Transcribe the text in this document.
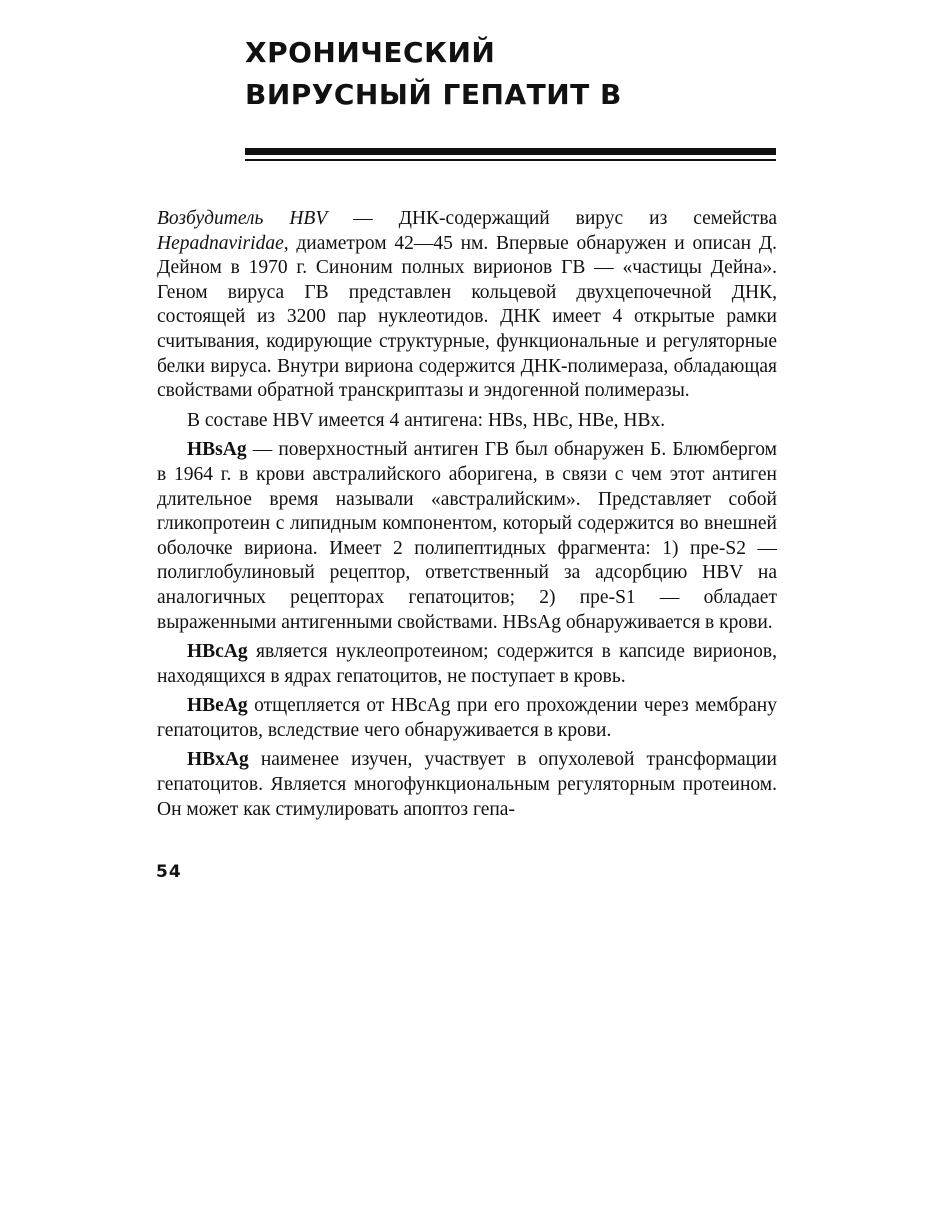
ХРОНИЧЕСКИЙ
ВИРУСНЫЙ ГЕПАТИТ В

Возбудитель HBV — ДНК-содержащий вирус из семейства Hepadnaviridae, диаметром 42—45 нм. Впервые обнаружен и описан Д. Дейном в 1970 г. Синоним полных вирионов ГВ — «частицы Дейна». Геном вируса ГВ представлен кольцевой двухцепочечной ДНК, состоящей из 3200 пар нуклеотидов. ДНК имеет 4 открытые рамки считывания, кодирующие структурные, функциональные и регуляторные белки вируса. Внутри вириона содержится ДНК-полимераза, обладающая свойствами обратной транскриптазы и эндогенной полимеразы.

В составе HBV имеется 4 антигена: HBs, HBc, HBe, HBx.

HBsAg — поверхностный антиген ГВ был обнаружен Б. Блюмбергом в 1964 г. в крови австралийского аборигена, в связи с чем этот антиген длительное время называли «австралийским». Представляет собой гликопротеин с липидным компонентом, который содержится во внешней оболочке вириона. Имеет 2 полипептидных фрагмента: 1) пре-S2 — полиглобулиновый рецептор, ответственный за адсорбцию HBV на аналогичных рецепторах гепатоцитов; 2) пре-S1 — обладает выраженными антигенными свойствами. HBsAg обнаруживается в крови.

HBcAg является нуклеопротеином; содержится в капсиде вирионов, находящихся в ядрах гепатоцитов, не поступает в кровь.

HBeAg отщепляется от HBcAg при его прохождении через мембрану гепатоцитов, вследствие чего обнаруживается в крови.

HBxAg наименее изучен, участвует в опухолевой трансформации гепатоцитов. Является многофункциональным регуляторным протеином. Он может как стимулировать апоптоз гепа-

54
